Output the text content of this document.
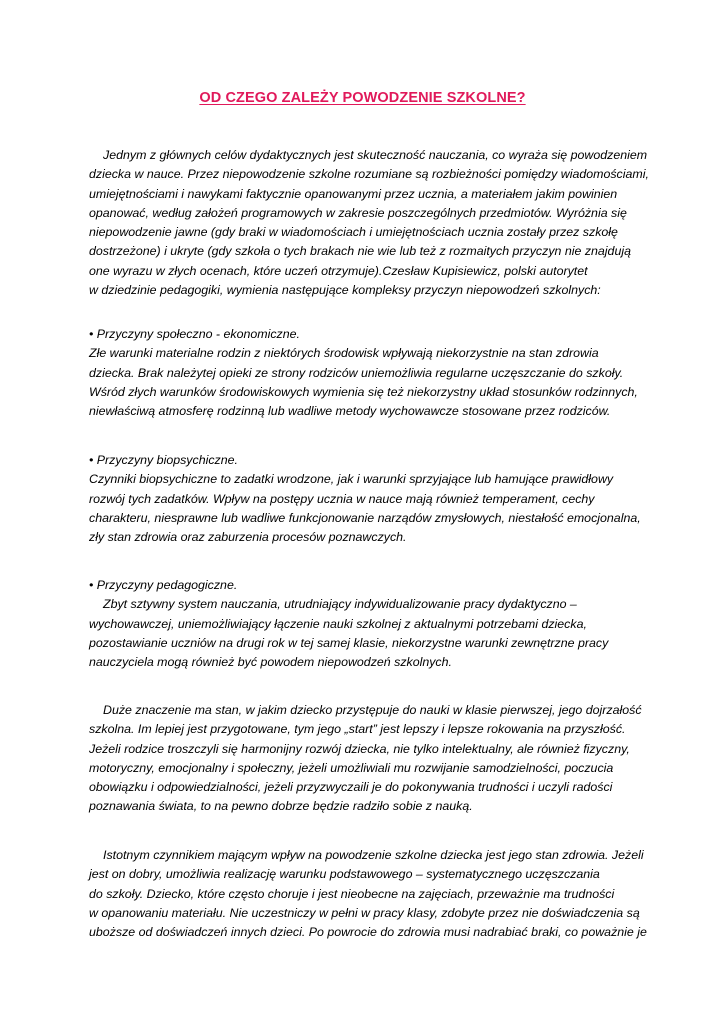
OD CZEGO ZALEŻY POWODZENIE SZKOLNE?
Jednym z głównych celów dydaktycznych jest skuteczność nauczania, co wyraża się powodzeniem
dziecka w nauce. Przez niepowodzenie szkolne rozumiane są rozbieżności pomiędzy wiadomościami,
umiejętnościami i nawykami faktycznie opanowanymi przez ucznia, a materiałem jakim powinien
opanować, według założeń programowych w zakresie poszczególnych przedmiotów. Wyróżnia się
niepowodzenie jawne (gdy braki w wiadomościach i umiejętnościach ucznia zostały przez szkołę
dostrzeżone) i ukryte (gdy szkoła o tych brakach nie wie lub też z rozmaitych przyczyn nie znajdują
one wyrazu w złych ocenach, które uczeń otrzymuje).Czesław Kupisiewicz, polski autorytet
w dziedzinie pedagogiki, wymienia następujące kompleksy przyczyn niepowodzeń szkolnych:
• Przyczyny społeczno - ekonomiczne.
Złe warunki materialne rodzin z niektórych środowisk wpływają niekorzystnie na stan zdrowia
dziecka. Brak należytej opieki ze strony rodziców uniemożliwia regularne uczęszczanie do szkoły.
Wśród złych warunków środowiskowych wymienia się też niekorzystny układ stosunków rodzinnych,
niewłaściwą atmosferę rodzinną lub wadliwe metody wychowawcze stosowane przez rodziców.
• Przyczyny biopsychiczne.
Czynniki biopsychiczne to zadatki wrodzone, jak i warunki sprzyjające lub hamujące prawidłowy
rozwój tych zadatków. Wpływ na postępy ucznia w nauce mają również temperament, cechy
charakteru, niesprawne lub wadliwe funkcjonowanie narządów zmysłowych, niestałość emocjonalna,
zły stan zdrowia oraz zaburzenia procesów poznawczych.
• Przyczyny pedagogiczne.
Zbyt sztywny system nauczania, utrudniający indywidualizowanie pracy dydaktyczno –
wychowawczej, uniemożliwiający łączenie nauki szkolnej z aktualnymi potrzebami dziecka,
pozostawianie uczniów na drugi rok w tej samej klasie, niekorzystne warunki zewnętrzne pracy
nauczyciela mogą również być powodem niepowodzeń szkolnych.
Duże znaczenie ma stan, w jakim dziecko przystępuje do nauki w klasie pierwszej, jego dojrzałość
szkolna. Im lepiej jest przygotowane, tym jego „start” jest lepszy i lepsze rokowania na przyszłość.
Jeżeli rodzice troszczyli się harmonijny rozwój dziecka, nie tylko intelektualny, ale również fizyczny,
motoryczny, emocjonalny i społeczny, jeżeli umożliwiali mu rozwijanie samodzielności, poczucia
obowiązku i odpowiedzialności, jeżeli przyzwyczaili je do pokonywania trudności i uczyli radości
poznawania świata, to na pewno dobrze będzie radziło sobie z nauką.
Istotnym czynnikiem mającym wpływ na powodzenie szkolne dziecka jest jego stan zdrowia. Jeżeli
jest on dobry, umożliwia realizację warunku podstawowego – systematycznego uczęszczania
do szkoły. Dziecko, które często choruje i jest nieobecne na zajęciach, przeważnie ma trudności
w opanowaniu materiału. Nie uczestniczy w pełni w pracy klasy, zdobyte przez nie doświadczenia są
uboższe od doświadczeń innych dzieci. Po powrocie do zdrowia musi nadrabiać braki, co poważnie je
